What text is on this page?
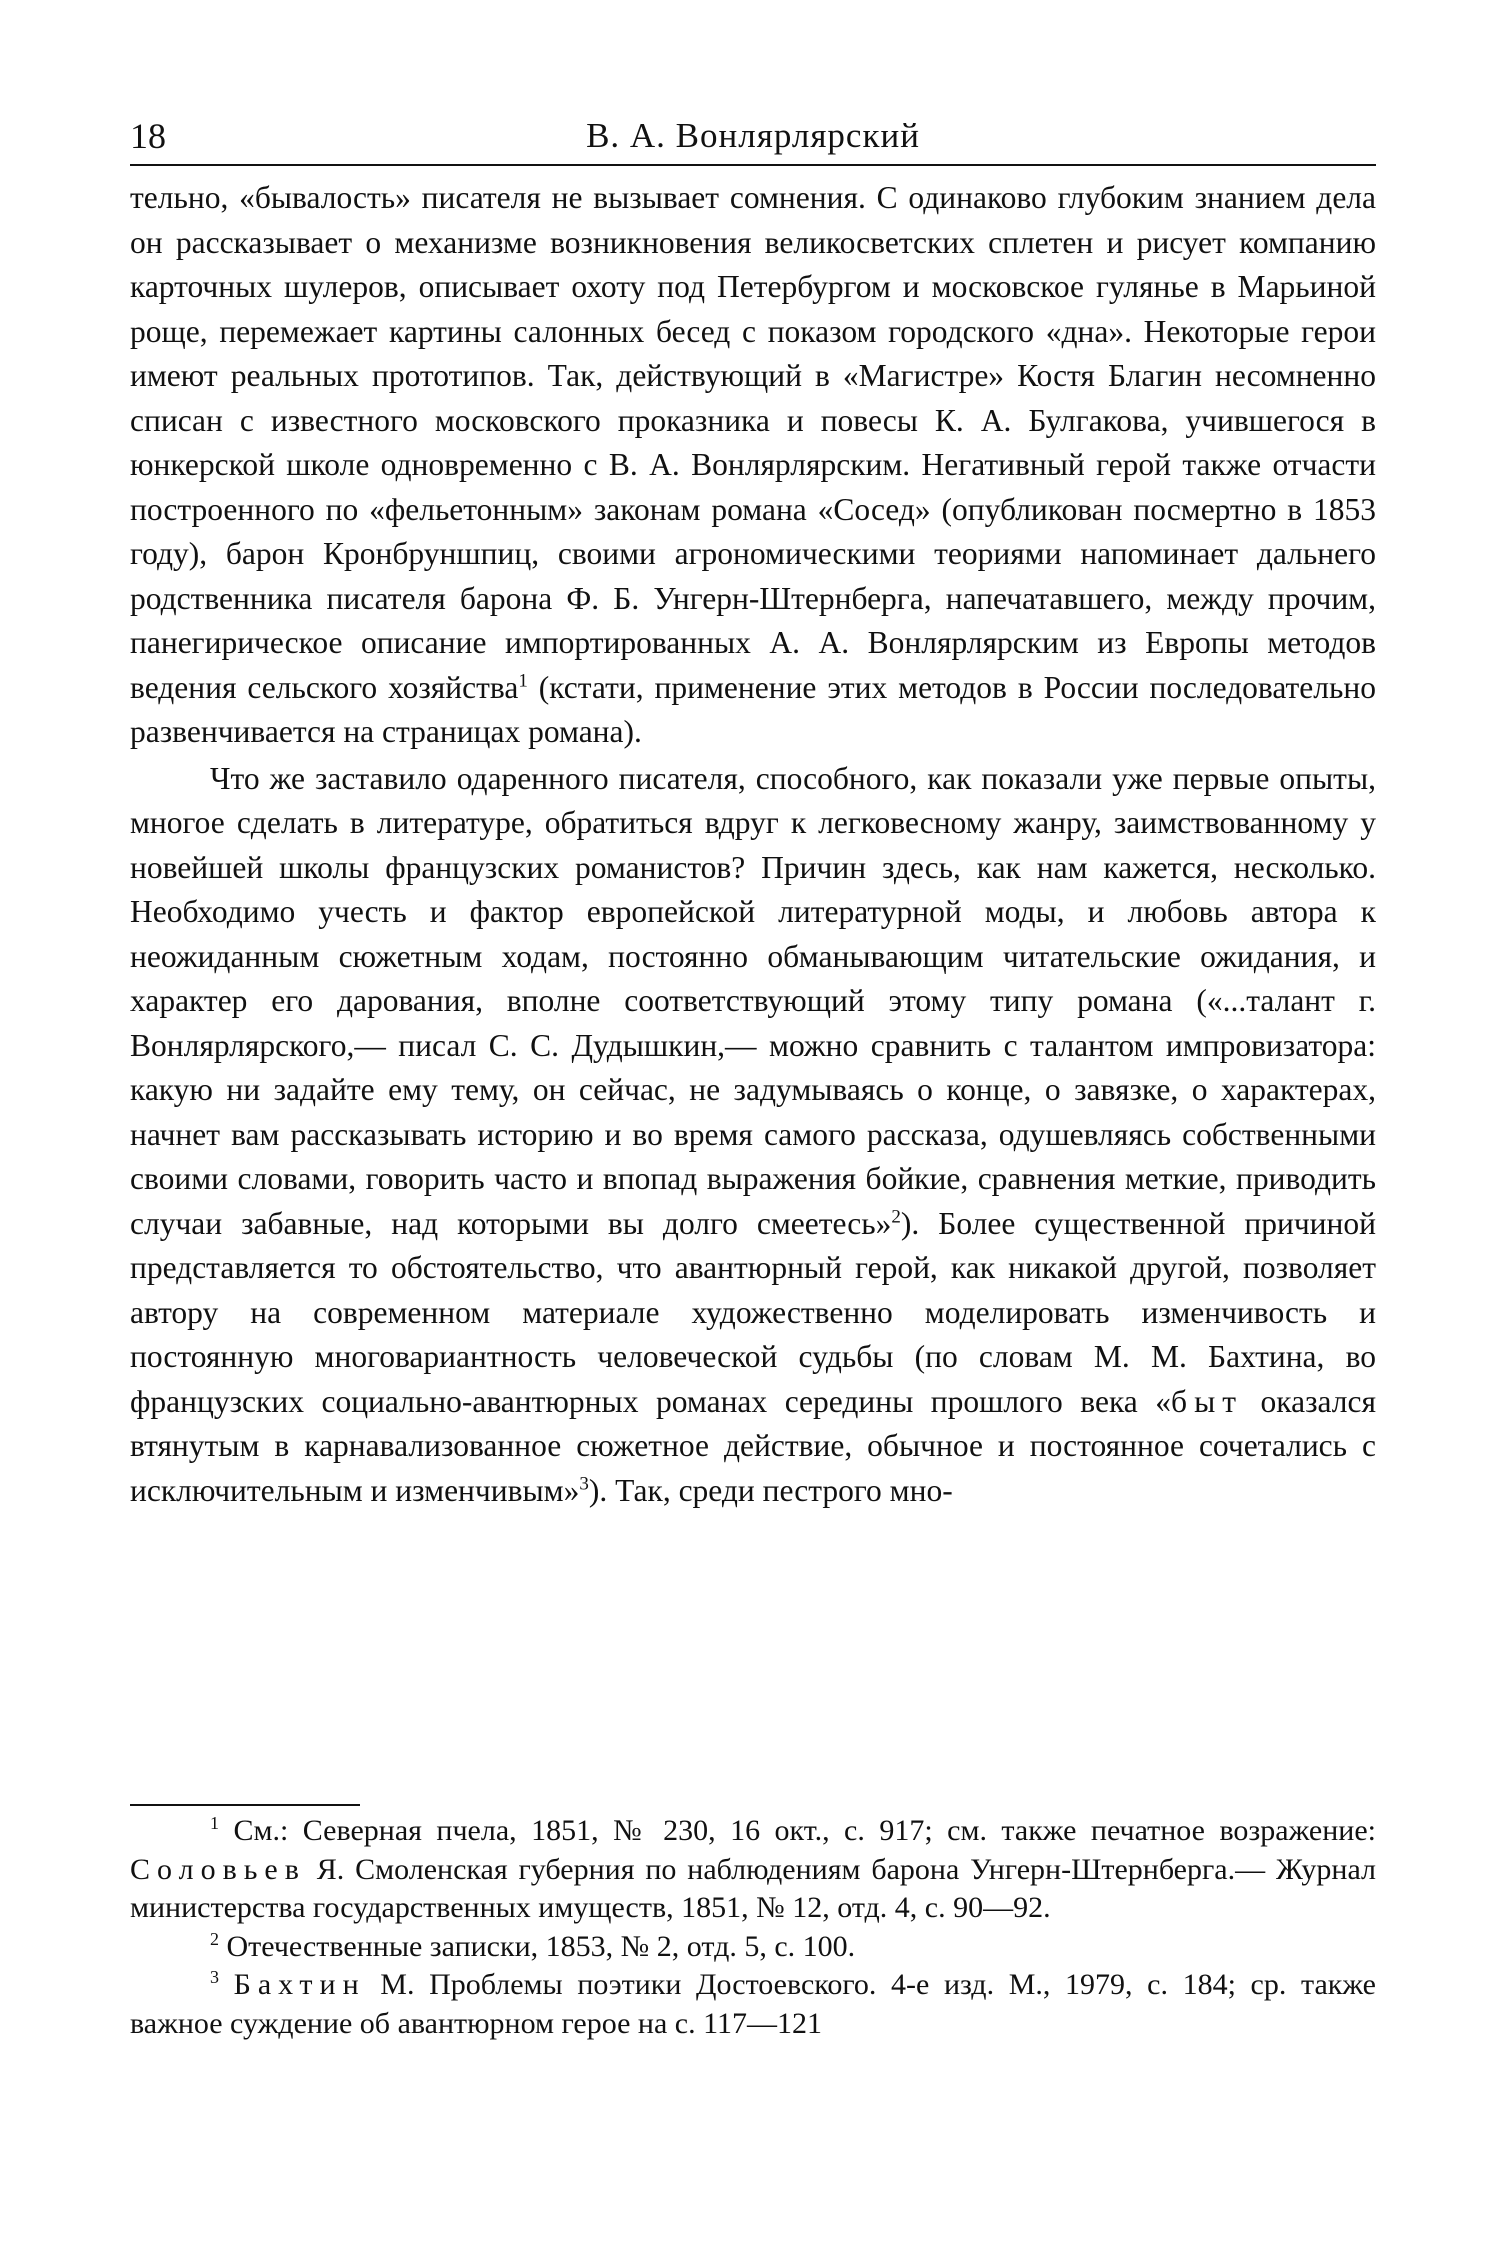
18	В. А. Вонлярлярский

тельно, «бывалость» писателя не вызывает сомнения. С одинаково глубоким знанием дела он рассказывает о механизме возникновения великосветских сплетен и рисует компанию карточных шулеров, описывает охоту под Петербургом и московское гулянье в Марьиной роще, перемежает картины салонных бесед с показом городского «дна». Некоторые герои имеют реальных прототипов. Так, действующий в «Магистре» Костя Благин несомненно списан с известного московского проказника и повесы К. А. Булгакова, учившегося в юнкерской школе одновременно с В. А. Вонлярлярским. Негативный герой также отчасти построенного по «фельетонным» законам романа «Сосед» (опубликован посмертно в 1853 году), барон Кронбруншпиц, своими агрономическими теориями напоминает дальнего родственника писателя барона Ф. Б. Унгерн-Штернберга, напечатавшего, между прочим, панегирическое описание импортированных А. А. Вонлярлярским из Европы методов ведения сельского хозяйства$^1$ (кстати, применение этих методов в России последовательно развенчивается на страницах романа).

Что же заставило одаренного писателя, способного, как показали уже первые опыты, многое сделать в литературе, обратиться вдруг к легковесному жанру, заимствованному у новейшей школы французских романистов? Причин здесь, как нам кажется, несколько. Необходимо учесть и фактор европейской литературной моды, и любовь автора к неожиданным сюжетным ходам, постоянно обманывающим читательские ожидания, и характер его дарования, вполне соответствующий этому типу романа («...талант г. Вонлярлярского,— писал С. С. Дудышкин,— можно сравнить с талантом импровизатора: какую ни задайте ему тему, он сейчас, не задумываясь о конце, о завязке, о характерах, начнет вам рассказывать историю и во время самого рассказа, одушевляясь собственными своими словами, говорить часто и впопад выражения бойкие, сравнения меткие, приводить случаи забавные, над которыми вы долго смеетесь»$^2$). Более существенной причиной представляется то обстоятельство, что авантюрный герой, как никакой другой, позволяет автору на современном материале художественно моделировать изменчивость и постоянную многовариантность человеческой судьбы (по словам М. М. Бахтина, во французских социально-авантюрных романах середины прошлого века «быт оказался втянутым в карнавализованное сюжетное действие, обычное и постоянное сочетались с исключительным и изменчивым»$^3$). Так, среди пестрого мно-

$^1$ См.: Северная пчела, 1851, № 230, 16 окт., с. 917; см. также печатное возражение: Соловьев Я. Смоленская губерния по наблюдениям барона Унгерн-Штернберга.— Журнал министерства государственных имуществ, 1851, № 12, отд. 4, с. 90—92.

$^2$ Отечественные записки, 1853, № 2, отд. 5, с. 100.

$^3$ Бахтин М. Проблемы поэтики Достоевского. 4-е изд. М., 1979, с. 184; ср. также важное суждение об авантюрном герое на с. 117—121
